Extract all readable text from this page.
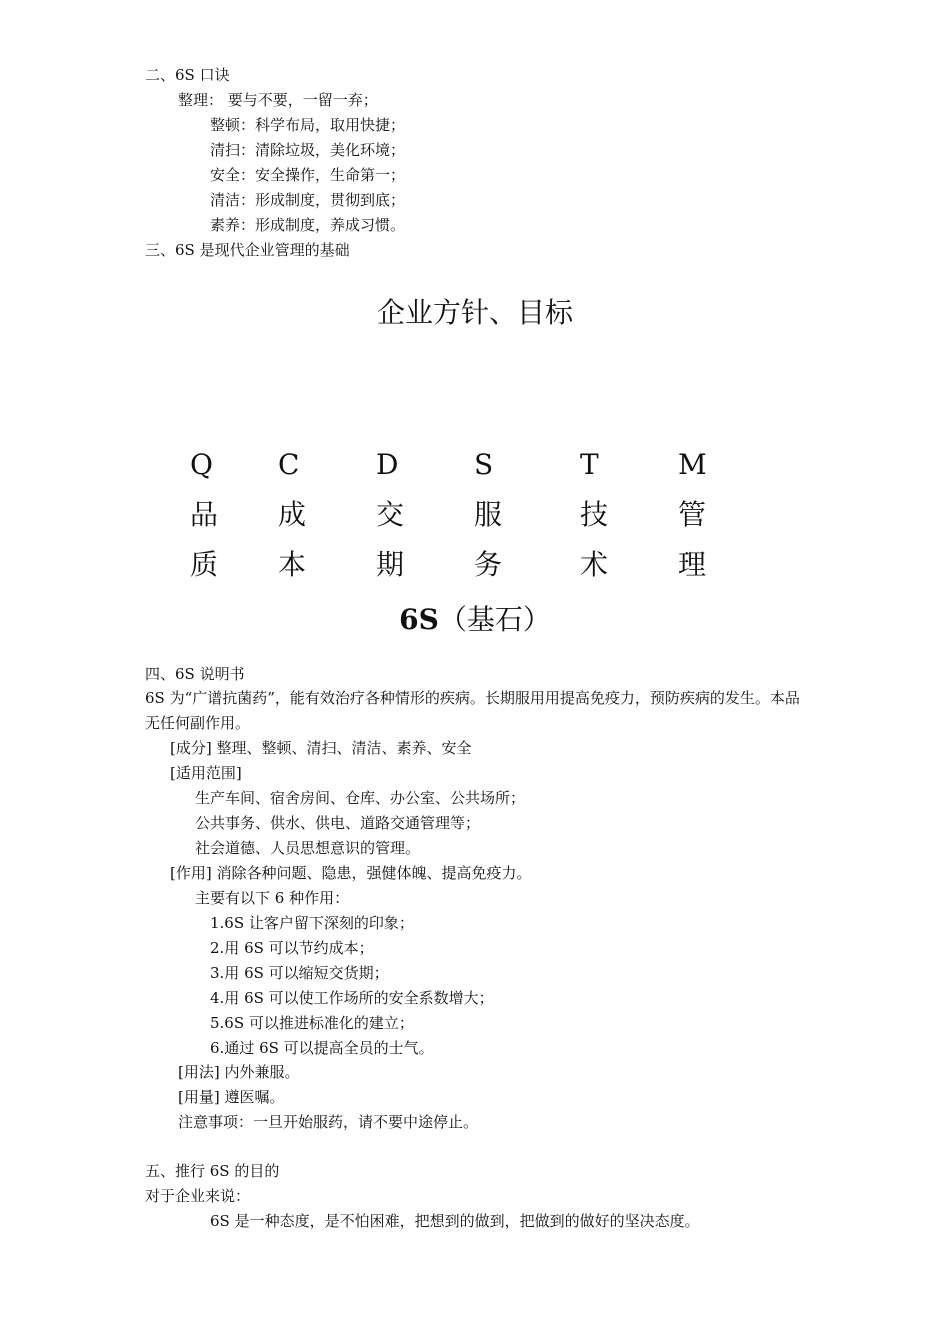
二、6S 口诀
整理： 要与不要，一留一弃；
整顿：科学布局，取用快捷；
清扫：清除垃圾，美化环境；
安全：安全操作，生命第一；
清洁：形成制度，贯彻到底；
素养：形成制度，养成习惯。
三、6S 是现代企业管理的基础
企业方针、目标
Q	C	D	S	T	M
品	成	交	服	技	管
质	本	期	务	术	理
6S（基石）
四、6S 说明书
6S 为“广谱抗菌药”，能有效治疗各种情形的疾病。长期服用用提高免疫力，预防疾病的发生。本品无任何副作用。
[成分] 整理、整顿、清扫、清洁、素养、安全
[适用范围]
生产车间、宿舍房间、仓库、办公室、公共场所；
公共事务、供水、供电、道路交通管理等；
社会道德、人员思想意识的管理。
[作用] 消除各种问题、隐患，强健体魄、提高免疫力。
主要有以下 6 种作用：
1.6S 让客户留下深刻的印象；
2.用 6S 可以节约成本；
3.用 6S 可以缩短交货期；
4.用 6S 可以使工作场所的安全系数增大；
5.6S 可以推进标准化的建立；
6.通过 6S 可以提高全员的士气。
[用法] 内外兼服。
[用量] 遵医嘱。
注意事项：一旦开始服药，请不要中途停止。
五、推行 6S 的目的
对于企业来说：
6S 是一种态度，是不怕困难，把想到的做到，把做到的做好的坚决态度。
